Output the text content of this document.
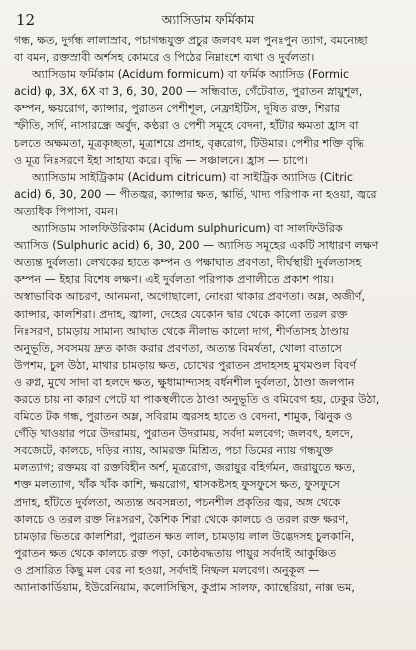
12	অ্যাসিডাম ফর্মিকাম
গন্ধ, ক্ষত, দুর্গন্ধ লালাস্রাব, পচাগন্ধযুক্ত প্রচুর জলবৎ মল পুনঃপুন ত্যাগ, বমনেচ্ছা
বা বমন, রক্তস্রাবী অর্শসহ কোমরে ও পিঠের নিম্নাংশে ব্যথা ও দুর্বলতা।
অ্যাসিডাম ফর্মিকাম (Acidum formicum) বা ফর্মিক অ্যাসিড (Formic
acid) φ, 3X, 6X বা 3, 6, 30, 200 — সন্ধিবাত, গেঁটেবাত, পুরাতন স্নায়ুশূল,
কম্পন, ক্ষয়রোগ, ক্যান্সার, পুরাতন পেশীশূল, নেফ্রাইটিস, দূষিত রক্ত, শিরার
স্ফীতি, সর্দি, নাসারন্ধ্রে অর্বুদ, কণ্ঠরা ও পেশী সমূহে বেদনা, হাঁটার ক্ষমতা হ্রাস বা
চলতে অক্ষমতা, মূত্রকৃচ্ছতা, মূত্রাশয়ে প্রদাহ, বৃক্করোগ, টিউমার। পেশীর শক্তি বৃদ্ধি
ও মূত্র নিঃসরণে ইহা সাহায্য করে। বৃদ্ধি — সঞ্চালনে। হ্রাস — চাপে।
অ্যাসিডাম সাইট্রিকাম (Acidum citricum) বা সাইট্রিক অ্যাসিড (Citric
acid) 6, 30, 200 — পীতজ্বর, ক্যান্সার ক্ষত, স্কার্ভি, খাদ্য পরিপাক না হওয়া, জ্বরে
অত্যধিক পিপাসা, বমন।
অ্যাসিডাম সালফিউরিকাম (Acidum sulphuricum) বা সালফিউরিক
অ্যাসিড (Sulphuric acid) 6, 30, 200 — অ্যাসিড সমূহের একটি সাধারণ লক্ষণ
অত্যন্ত দুর্বলতা। লেখকের হাতে কম্পন ও পক্ষাঘাত প্রবণতা, দীর্ঘস্থায়ী দুর্বলতাসহ
কম্পন — ইহার বিশেষ লক্ষণ। এই দুর্বলতা পরিপাক প্রণালীতে প্রকাশ পায়।
অস্বাভাবিক আচরণ, আনমনা, অগোছালো, নোংরা থাকার প্রবণতা। অম্ল, অজীর্ণ,
ক্যান্সার, কালশিরা। প্রদাহ, জ্বালা, দেহের যেকোন দ্বার থেকে কালো তরল রক্ত
নিঃসরণ, চামড়ায় সামান্য আঘাত থেকে নীলাভ কালো দাগ, শীর্ণতাসহ ঠাণ্ডায়
অনুভূতি, সবসময় দ্রুত কাজ করার প্রবণতা, অত্যন্ত বিমর্ষতা, খোলা বাতাসে
উপশম, চুল উঠা, মাথার চামড়ায় ক্ষত, চোখের পুরাতন প্রদাহসহ মুখমণ্ডল বিবর্ণ
ও রুগ্ন, মুখে সাদা বা হলদে ক্ষত, ক্ষুধামান্দ্যসহ বর্ধনশীল দুর্বলতা, ঠাণ্ডা জলপান
করতে চায় না কারণ পেটে যা পাকস্থলীতে ঠাণ্ডা অনুভূতি ও বমিবেগ হয়, ঢেকুর উঠা,
বমিতে টক গন্ধ, পুরাতন অম্ল, সবিরাম জ্বরসহ হাতে ও বেদনা, শামুক, ঝিনুক ও
গেঁড়ি খাওয়ার পরে উদরাময়, পুরাতন উদরাময়, সর্বদা মলবেগ; জলবৎ, হলদে,
সবজেটে, কালচে, দড়ির ন্যায়, আমরক্ত মিশ্রিত, পচা ডিমের ন্যায় গন্ধযুক্ত
মলত্যাগ; রক্তময় বা রক্তবিহীন অর্শ, মূত্ররোগ, জরায়ুর বহির্গমন, জরায়ুতে ক্ষত,
শক্ত মলত্যাগ, খাঁক খাঁক কাশি, ক্ষয়রোগ, শ্বাসকষ্টসহ ফুসফুসে ক্ষত, ফুসফুসে
প্রদাহ, হাঁটতে দুর্বলতা, অত্যন্ত অবসন্নতা, পচনশীল প্রকৃতির জ্বর, অঙ্গ থেকে
কালচে ও তরল রক্ত নিঃসরণ, কৈশিক শিরা থেকে কালচে ও তরল রক্ত ক্ষরণ,
চামড়ার ভিতরে কালশিরা, পুরাতন ক্ষত লাল, চামড়ায় লাল উদ্ভেদসহ চুলকানি,
পুরাতন ক্ষত থেকে কালচে রক্ত পড়া, কোষ্ঠবদ্ধতায় পায়ুর সর্বদাই আকুঞ্চিত
ও প্রসারিত কিছু মল বের না হওয়া, সর্বদাই নিষ্ফল মলবেগ। অনুকূল —
অ্যানাকার্ডিয়াম, ইউরেনিয়াম, কলোসিন্থিস, কুপ্রাম সালফ, ক্যান্থেরিয়া, নাক্স ভম,
